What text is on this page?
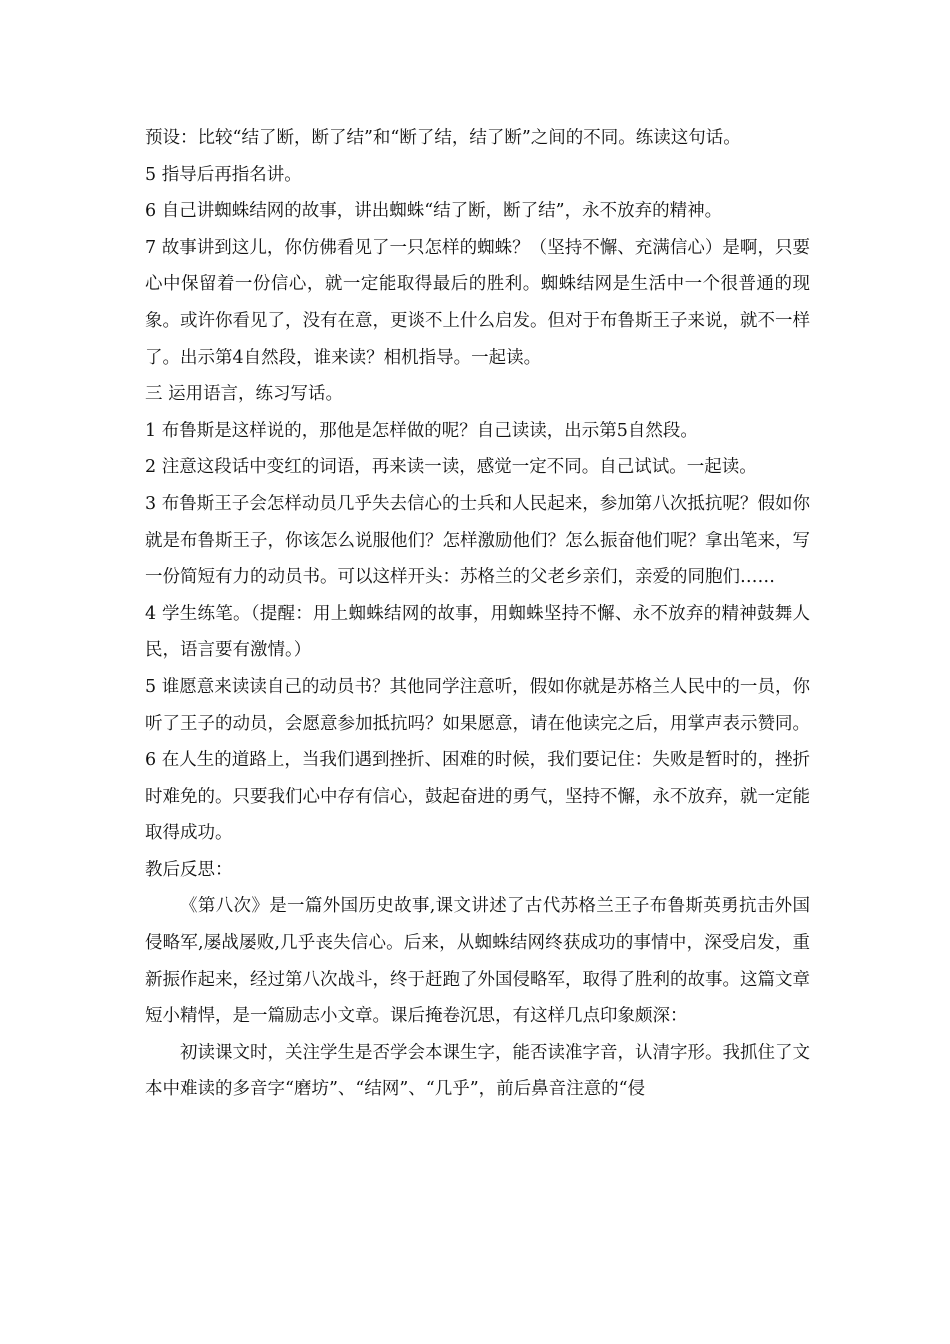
预设：比较“结了断，断了结”和“断了结，结了断”之间的不同。练读这句话。

5 指导后再指名讲。

6 自己讲蜘蛛结网的故事，讲出蜘蛛“结了断，断了结”，永不放弃的精神。

7 故事讲到这儿，你仿佛看见了一只怎样的蜘蛛？（坚持不懈、充满信心）是啊，只要心中保留着一份信心，就一定能取得最后的胜利。蜘蛛结网是生活中一个很普通的现象。或许你看见了，没有在意，更谈不上什么启发。但对于布鲁斯王子来说，就不一样了。出示第4自然段，谁来读？相机指导。一起读。

三 运用语言，练习写话。

1 布鲁斯是这样说的，那他是怎样做的呢？自己读读，出示第5自然段。

2 注意这段话中变红的词语，再来读一读，感觉一定不同。自己试试。一起读。

3 布鲁斯王子会怎样动员几乎失去信心的士兵和人民起来，参加第八次抵抗呢？假如你就是布鲁斯王子，你该怎么说服他们？怎样激励他们？怎么振奋他们呢？拿出笔来，写一份简短有力的动员书。可以这样开头：苏格兰的父老乡亲们，亲爱的同胞们……

4 学生练笔。（提醒：用上蜘蛛结网的故事，用蜘蛛坚持不懈、永不放弃的精神鼓舞人民，语言要有激情。）

5 谁愿意来读读自己的动员书？其他同学注意听，假如你就是苏格兰人民中的一员，你听了王子的动员，会愿意参加抵抗吗？如果愿意，请在他读完之后，用掌声表示赞同。

6 在人生的道路上，当我们遇到挫折、困难的时候，我们要记住：失败是暂时的，挫折时难免的。只要我们心中存有信心，鼓起奋进的勇气，坚持不懈，永不放弃，就一定能取得成功。

教后反思：

《第八次》是一篇外国历史故事,课文讲述了古代苏格兰王子布鲁斯英勇抗击外国侵略军,屡战屡败,几乎丧失信心。后来，从蜘蛛结网终获成功的事情中，深受启发，重新振作起来，经过第八次战斗，终于赶跑了外国侵略军，取得了胜利的故事。这篇文章短小精悍，是一篇励志小文章。课后掩卷沉思，有这样几点印象颇深：

初读课文时，关注学生是否学会本课生字，能否读准字音，认清字形。我抓住了文本中难读的多音字“磨坊”、“结网”、“几乎”，前后鼻音注意的“侵
